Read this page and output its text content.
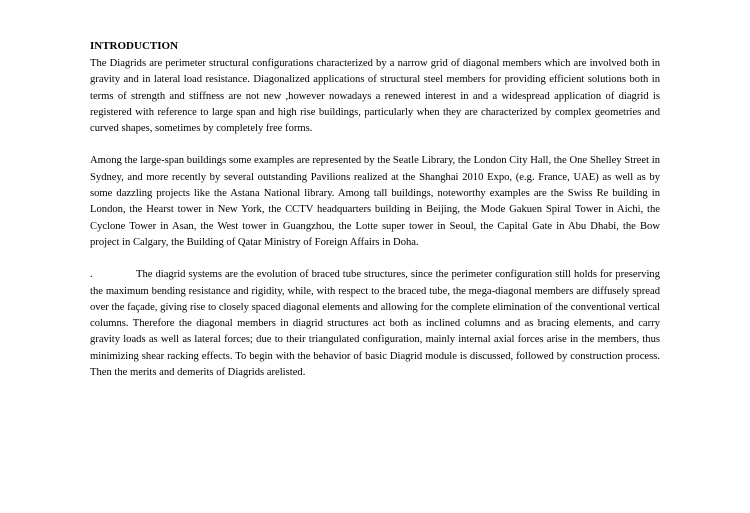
INTRODUCTION

The Diagrids are perimeter structural configurations characterized by a narrow grid of diagonal members which are involved both in gravity and in lateral load resistance. Diagonalized applications of structural steel members for providing efficient solutions both in terms of strength and stiffness are not new ,however nowadays a renewed interest in and a widespread application of diagrid is registered with reference to large span and high rise buildings, particularly when they are characterized by complex geometries and curved shapes, sometimes by completely free forms.

Among the large-span buildings some examples are represented by the Seatle Library, the London City Hall, the One Shelley Street in Sydney, and more recently by several outstanding Pavilions realized at the Shanghai 2010 Expo, (e.g. France, UAE) as well as by some dazzling projects like the Astana National library. Among tall buildings, noteworthy examples are the Swiss Re building in London, the Hearst tower in New York, the CCTV headquarters building in Beijing, the Mode Gakuen Spiral Tower in Aichi, the Cyclone Tower in Asan, the West tower in Guangzhou, the Lotte super tower in Seoul, the Capital Gate in Abu Dhabi, the Bow project in Calgary, the Building of Qatar Ministry of Foreign Affairs in Doha.

.	The diagrid systems are the evolution of braced tube structures, since the perimeter configuration still holds for preserving the maximum bending resistance and rigidity, while, with respect to the braced tube, the mega-diagonal members are diffusely spread over the façade, giving rise to closely spaced diagonal elements and allowing for the complete elimination of the conventional vertical columns. Therefore the diagonal members in diagrid structures act both as inclined columns and as bracing elements, and carry gravity loads as well as lateral forces; due to their triangulated configuration, mainly internal axial forces arise in the members, thus minimizing shear racking effects. To begin with the behavior of basic Diagrid module is discussed, followed by construction process. Then the merits and demerits of Diagrids arelisted.
